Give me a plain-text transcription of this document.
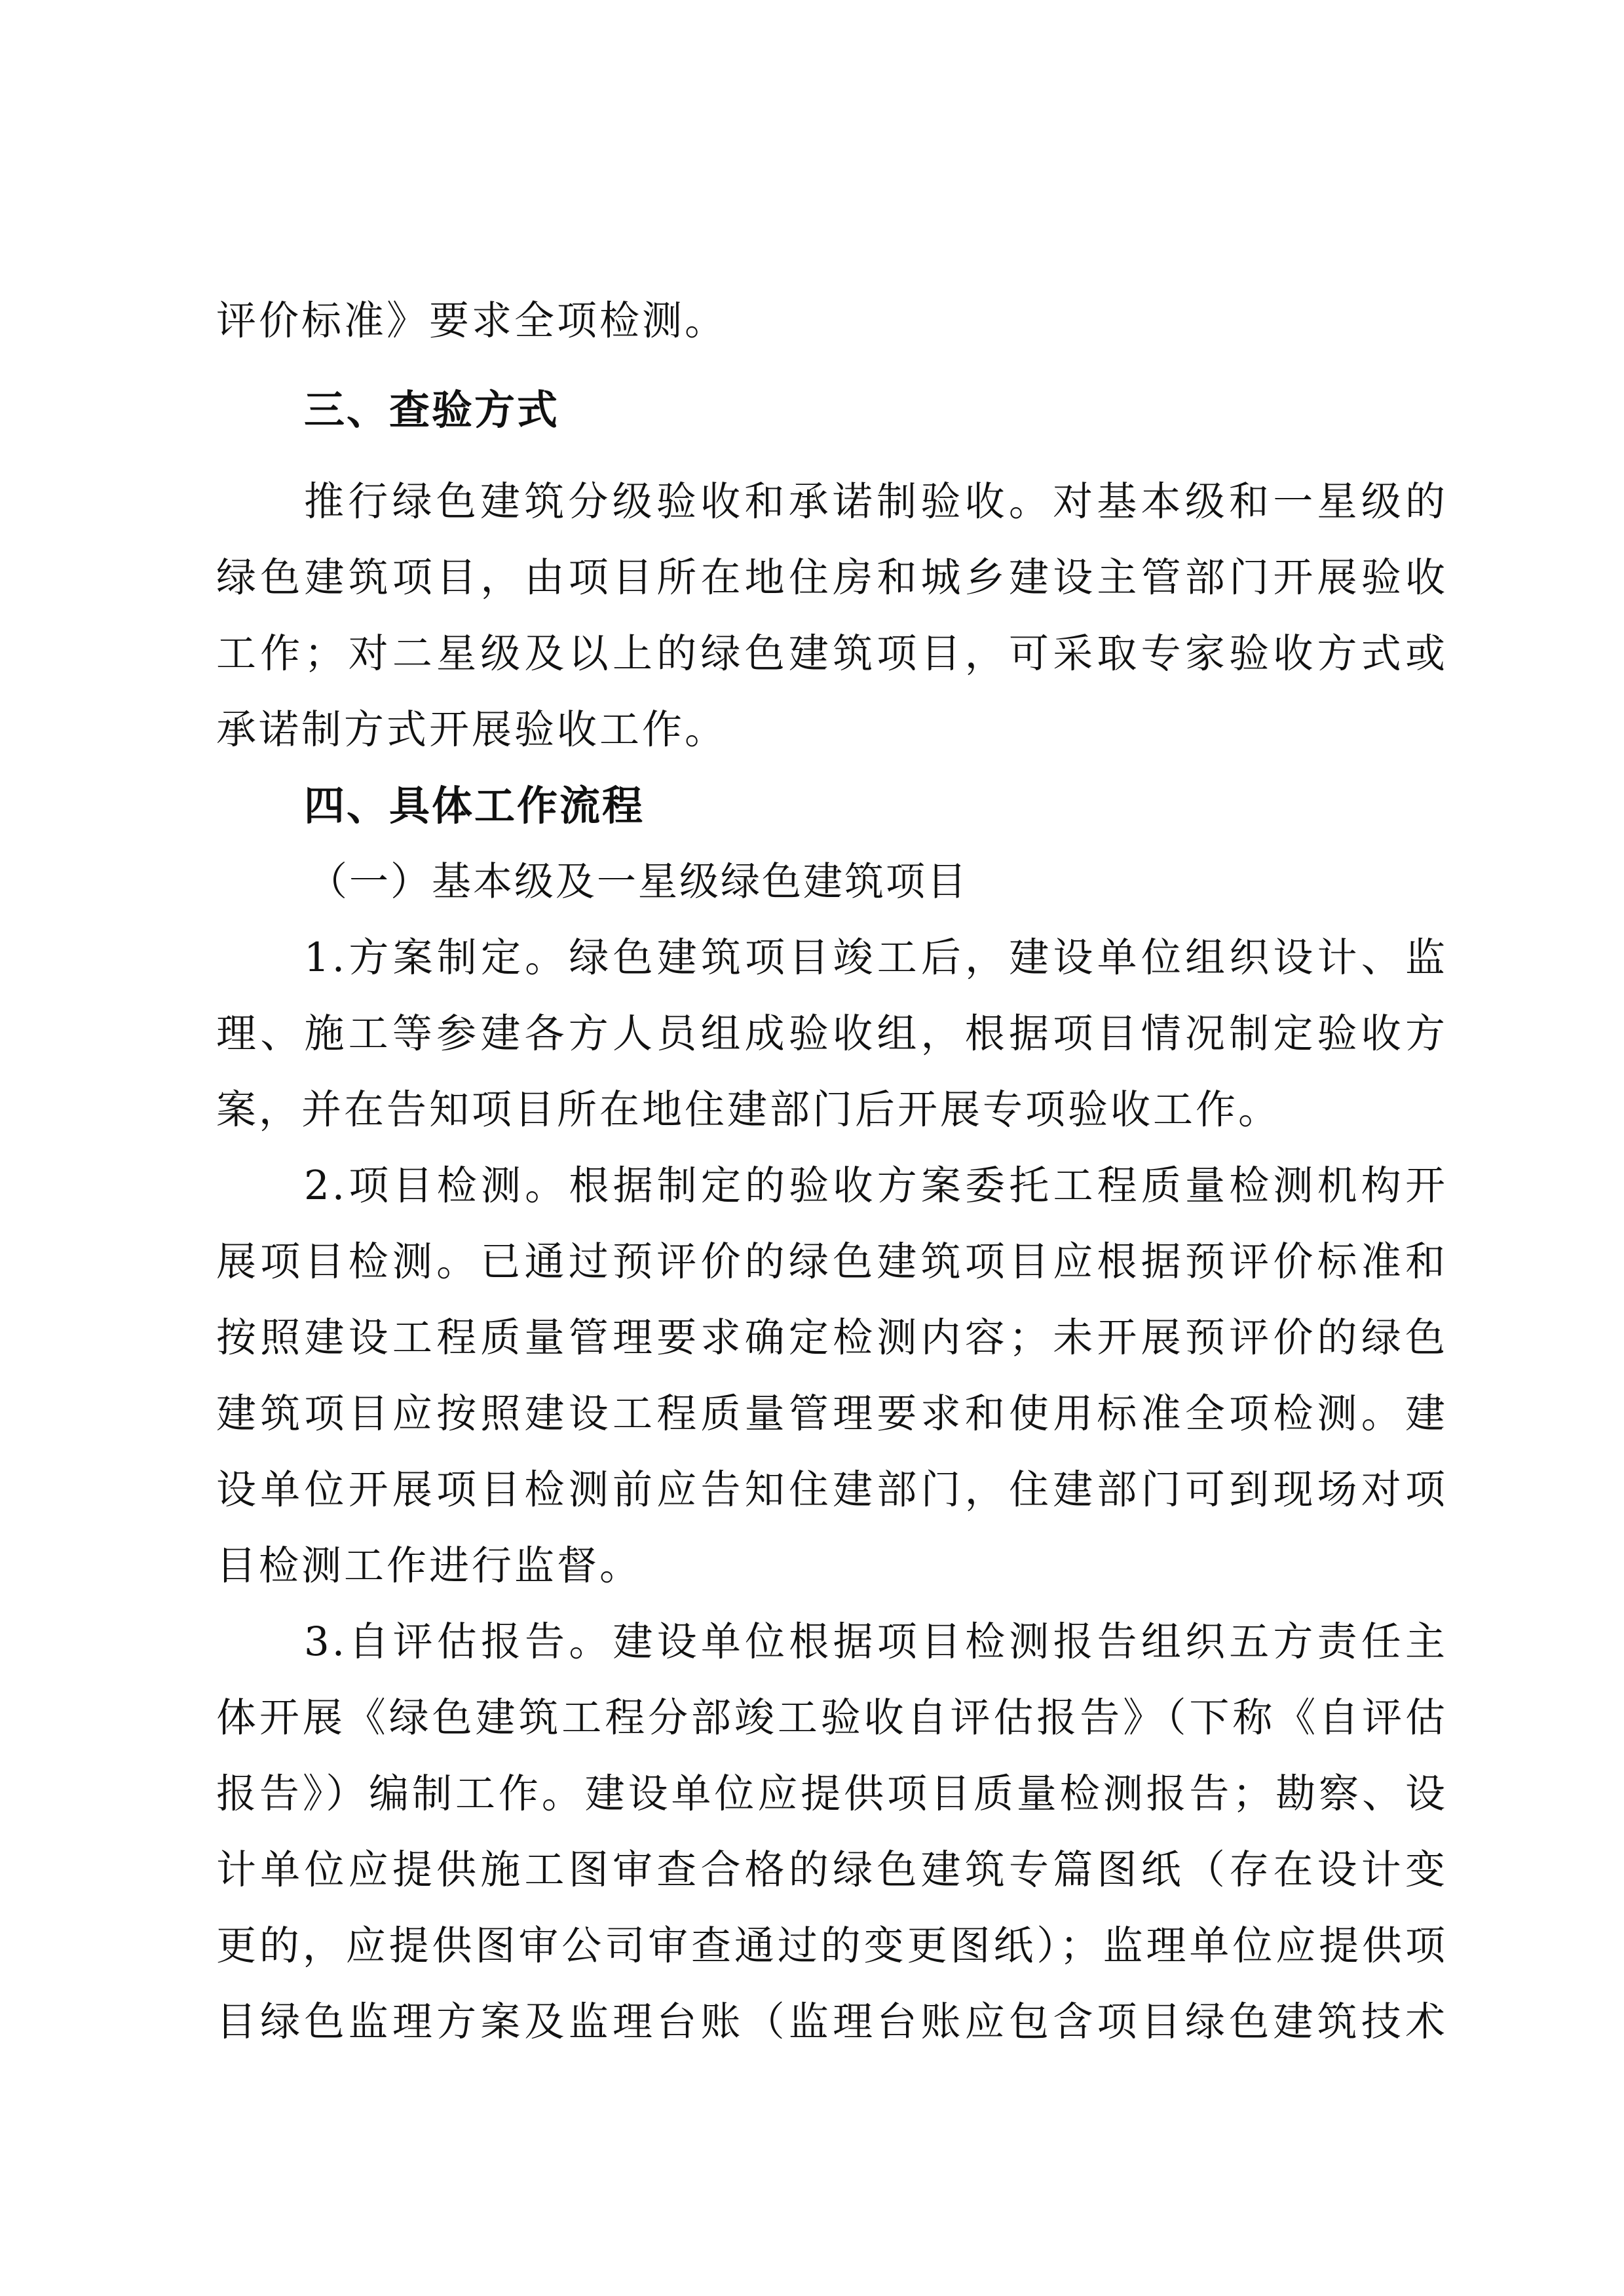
评价标准》要求全项检测。
三、查验方式
推行绿色建筑分级验收和承诺制验收。对基本级和一星级的
绿色建筑项目，由项目所在地住房和城乡建设主管部门开展验收
工作；对二星级及以上的绿色建筑项目，可采取专家验收方式或
承诺制方式开展验收工作。
四、具体工作流程
（一）基本级及一星级绿色建筑项目
1.方案制定。绿色建筑项目竣工后，建设单位组织设计、监
理、施工等参建各方人员组成验收组，根据项目情况制定验收方
案，并在告知项目所在地住建部门后开展专项验收工作。
2.项目检测。根据制定的验收方案委托工程质量检测机构开
展项目检测。已通过预评价的绿色建筑项目应根据预评价标准和
按照建设工程质量管理要求确定检测内容；未开展预评价的绿色
建筑项目应按照建设工程质量管理要求和使用标准全项检测。建
设单位开展项目检测前应告知住建部门，住建部门可到现场对项
目检测工作进行监督。
3.自评估报告。建设单位根据项目检测报告组织五方责任主
体开展《绿色建筑工程分部竣工验收自评估报告》（下称《自评估
报告》）编制工作。建设单位应提供项目质量检测报告；勘察、设
计单位应提供施工图审查合格的绿色建筑专篇图纸（存在设计变
更的，应提供图审公司审查通过的变更图纸）；监理单位应提供项
目绿色监理方案及监理台账（监理台账应包含项目绿色建筑技术
